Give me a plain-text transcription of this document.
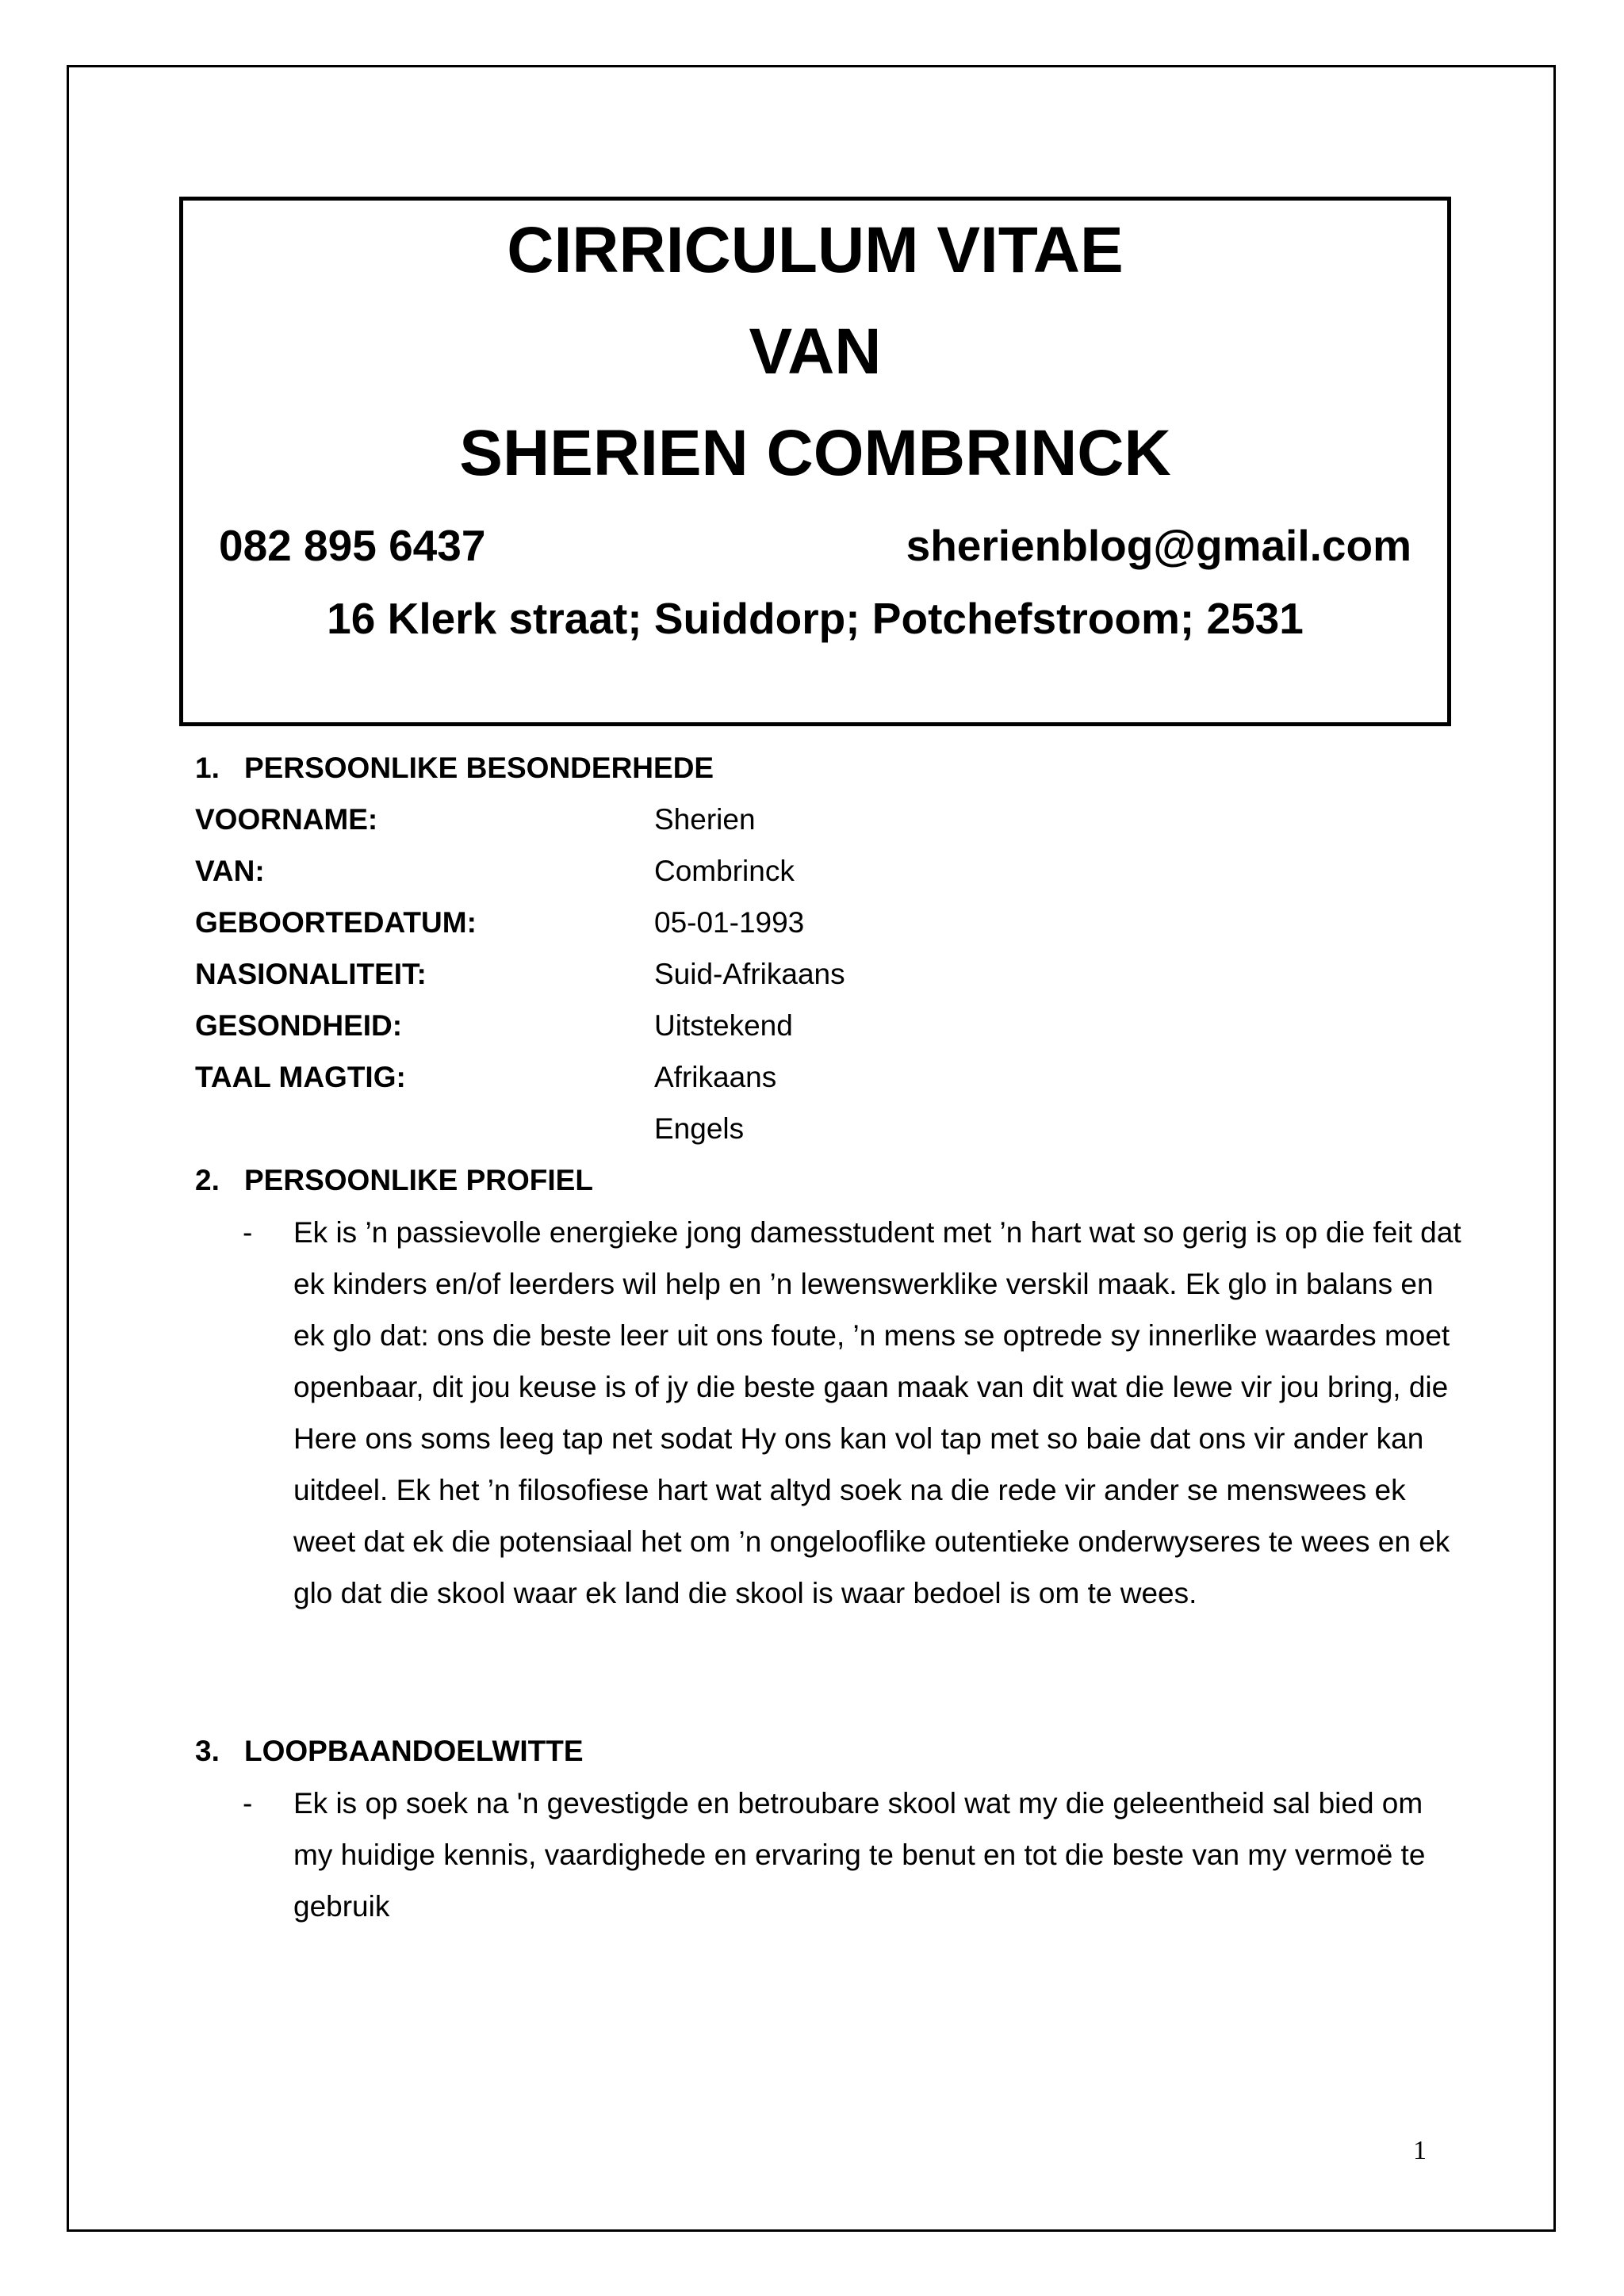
CIRRICULUM VITAE
VAN
SHERIEN COMBRINCK
082 895 6437	sherienblog@gmail.com
16 Klerk straat; Suiddorp; Potchefstroom; 2531
1. PERSOONLIKE BESONDERHEDE
VOORNAME:	Sherien
VAN:	Combrinck
GEBOORTEDATUM:	05-01-1993
NASIONALITEIT:	Suid-Afrikaans
GESONDHEID:	Uitstekend
TAAL MAGTIG:	Afrikaans
Engels
2. PERSOONLIKE PROFIEL
- Ek is ’n passievolle energieke jong damesstudent met ’n hart wat so gerig is op die feit dat ek kinders en/of leerders wil help en ’n lewenswerklike verskil maak. Ek glo in balans en ek glo dat: ons die beste leer uit ons foute, ’n mens se optrede sy innerlike waardes moet openbaar, dit jou keuse is of jy die beste gaan maak van dit wat die lewe vir jou bring, die Here ons soms leeg tap net sodat Hy ons kan vol tap met so baie dat ons vir ander kan uitdeel. Ek het ’n filosofiese hart wat altyd soek na die rede vir ander se menswees ek weet dat ek die potensiaal het om ’n ongelooflike outentieke onderwyseres te wees en ek glo dat die skool waar ek land die skool is waar bedoel is om te wees.

3. LOOPBAANDOELWITTE
- Ek is op soek na 'n gevestigde en betroubare skool wat my die geleentheid sal bied om my huidige kennis, vaardighede en ervaring te benut en tot die beste van my vermoë te gebruik

1
